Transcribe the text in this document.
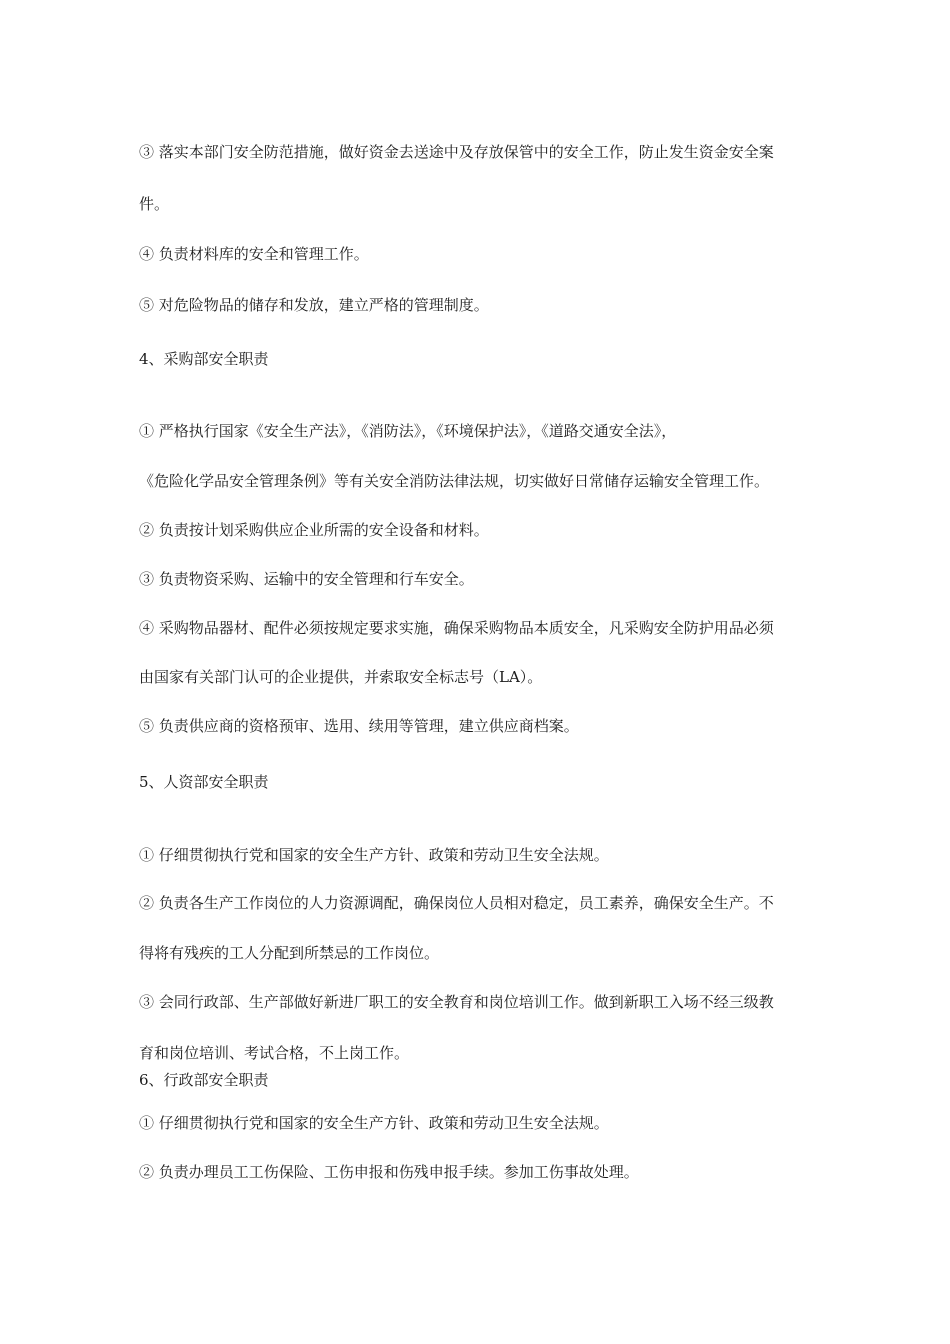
③ 落实本部门安全防范措施，做好资金去送途中及存放保管中的安全工作，防止发生资金安全案
件。
④ 负责材料库的安全和管理工作。
⑤ 对危险物品的储存和发放，建立严格的管理制度。
4、采购部安全职责
① 严格执行国家《安全生产法》，《消防法》，《环境保护法》，《道路交通安全法》，
《危险化学品安全管理条例》等有关安全消防法律法规，切实做好日常储存运输安全管理工作。
② 负责按计划采购供应企业所需的安全设备和材料。
③ 负责物资采购、运输中的安全管理和行车安全。
④ 采购物品器材、配件必须按规定要求实施，确保采购物品本质安全，凡采购安全防护用品必须
由国家有关部门认可的企业提供，并索取安全标志号（LA）。
⑤ 负责供应商的资格预审、选用、续用等管理，建立供应商档案。
5、人资部安全职责
① 仔细贯彻执行党和国家的安全生产方针、政策和劳动卫生安全法规。
② 负责各生产工作岗位的人力资源调配，确保岗位人员相对稳定，员工素养，确保安全生产。不
得将有残疾的工人分配到所禁忌的工作岗位。
③ 会同行政部、生产部做好新进厂职工的安全教育和岗位培训工作。做到新职工入场不经三级教
育和岗位培训、考试合格，不上岗工作。
6、行政部安全职责
① 仔细贯彻执行党和国家的安全生产方针、政策和劳动卫生安全法规。
② 负责办理员工工伤保险、工伤申报和伤残申报手续。参加工伤事故处理。
